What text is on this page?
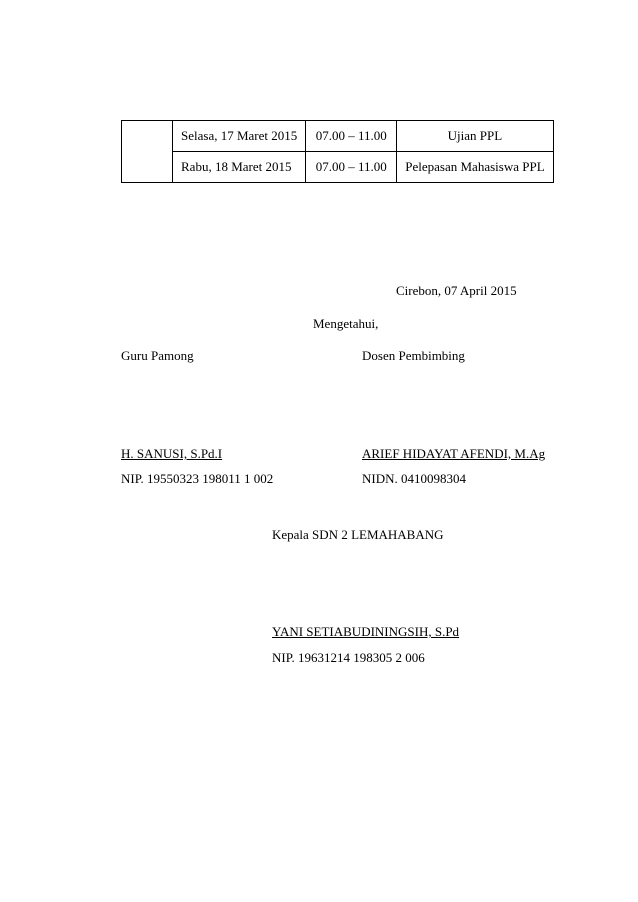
	Selasa, 17 Maret 2015	07.00 – 11.00	Ujian PPL
	Rabu, 18 Maret 2015	07.00 – 11.00	Pelepasan Mahasiswa PPL
Cirebon, 07 April 2015
Mengetahui,
Guru Pamong	Dosen Pembimbing
H. SANUSI, S.Pd.I	ARIEF HIDAYAT AFENDI, M.Ag
NIP. 19550323 198011 1 002	NIDN. 0410098304
Kepala SDN 2 LEMAHABANG
YANI SETIABUDININGSIH, S.Pd
NIP. 19631214 198305 2 006
